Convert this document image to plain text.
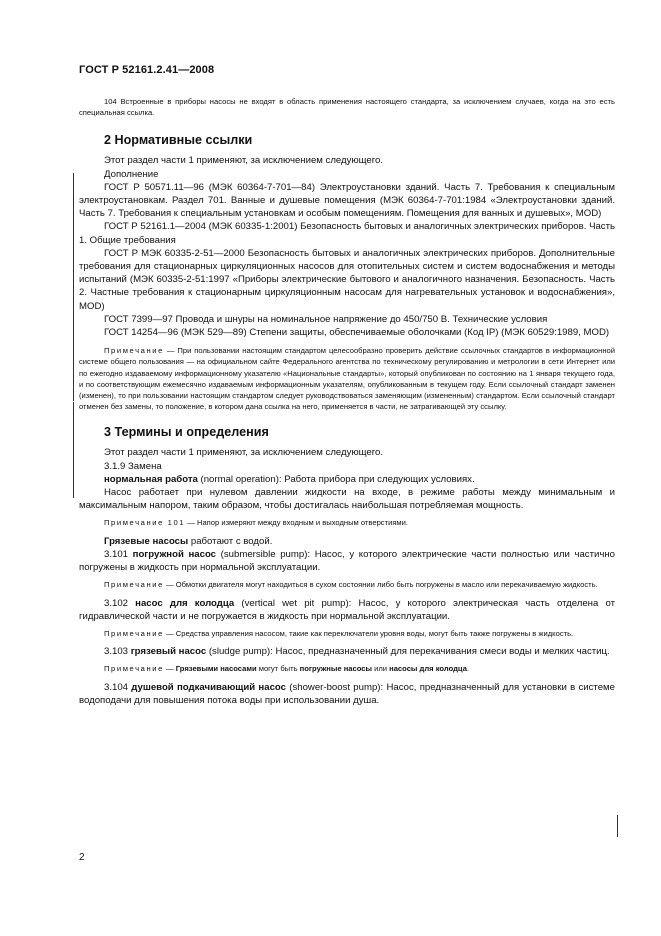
ГОСТ Р 52161.2.41—2008

104 Встроенные в приборы насосы не входят в область применения настоящего стандарта, за исключением случаев, когда на это есть специальная ссылка.

2 Нормативные ссылки

Этот раздел части 1 применяют, за исключением следующего.

Дополнение

ГОСТ Р 50571.11—96 (МЭК 60364-7-701—84) Электроустановки зданий. Часть 7. Требования к специальным электроустановкам. Раздел 701. Ванные и душевые помещения (МЭК 60364-7-701:1984 «Электроустановки зданий. Часть 7. Требования к специальным установкам и особым помещениям. Помещения для ванных и душевых», MOD)

ГОСТ Р 52161.1—2004 (МЭК 60335-1:2001) Безопасность бытовых и аналогичных электрических приборов. Часть 1. Общие требования

ГОСТ Р МЭК 60335-2-51—2000 Безопасность бытовых и аналогичных электрических приборов. Дополнительные требования для стационарных циркуляционных насосов для отопительных систем и систем водоснабжения и методы испытаний (МЭК 60335-2-51:1997 «Приборы электрические бытового и аналогичного назначения. Безопасность. Часть 2. Частные требования к стационарным циркуляционным насосам для нагревательных установок и водоснабжения», MOD)

ГОСТ 7399—97 Провода и шнуры на номинальное напряжение до 450/750 В. Технические условия

ГОСТ 14254—96 (МЭК 529—89) Степени защиты, обеспечиваемые оболочками (Код IP) (МЭК 60529:1989, MOD)

Примечание — При пользовании настоящим стандартом целесообразно проверить действие ссылочных стандартов в информационной системе общего пользования — на официальном сайте Федерального агентства по техническому регулированию и метрологии в сети Интернет или по ежегодно издаваемому информационному указателю «Национальные стандарты», который опубликован по состоянию на 1 января текущего года, и по соответствующим ежемесячно издаваемым информационным указателям, опубликованным в текущем году. Если ссылочный стандарт заменен (изменен), то при пользовании настоящим стандартом следует руководствоваться заменяющим (измененным) стандартом. Если ссылочный стандарт отменен без замены, то положение, в котором дана ссылка на него, применяется в части, не затрагивающей эту ссылку.

3 Термины и определения

Этот раздел части 1 применяют, за исключением следующего.

3.1.9 Замена

нормальная работа (normal operation): Работа прибора при следующих условиях.

Насос работает при нулевом давлении жидкости на входе, в режиме работы между минимальным и максимальным напором, таким образом, чтобы достигалась наибольшая потребляемая мощность.

Примечание 101 — Напор измеряют между входным и выходным отверстиями.

Грязевые насосы работают с водой.

3.101 погружной насос (submersible pump): Насос, у которого электрические части полностью или частично погружены в жидкость при нормальной эксплуатации.

Примечание — Обмотки двигателя могут находиться в сухом состоянии либо быть погружены в масло или перекачиваемую жидкость.

3.102 насос для колодца (vertical wet pit pump): Насос, у которого электрическая часть отделена от гидравлической части и не погружается в жидкость при нормальной эксплуатации.

Примечание — Средства управления насосом, такие как переключатели уровня воды, могут быть также погружены в жидкость.

3.103 грязевый насос (sludge pump): Насос, предназначенный для перекачивания смеси воды и мелких частиц.

Примечание — Грязевыми насосами могут быть погружные насосы или насосы для колодца.

3.104 душевой подкачивающий насос (shower-boost pump): Насос, предназначенный для установки в системе водоподачи для повышения потока воды при использовании душа.

2
